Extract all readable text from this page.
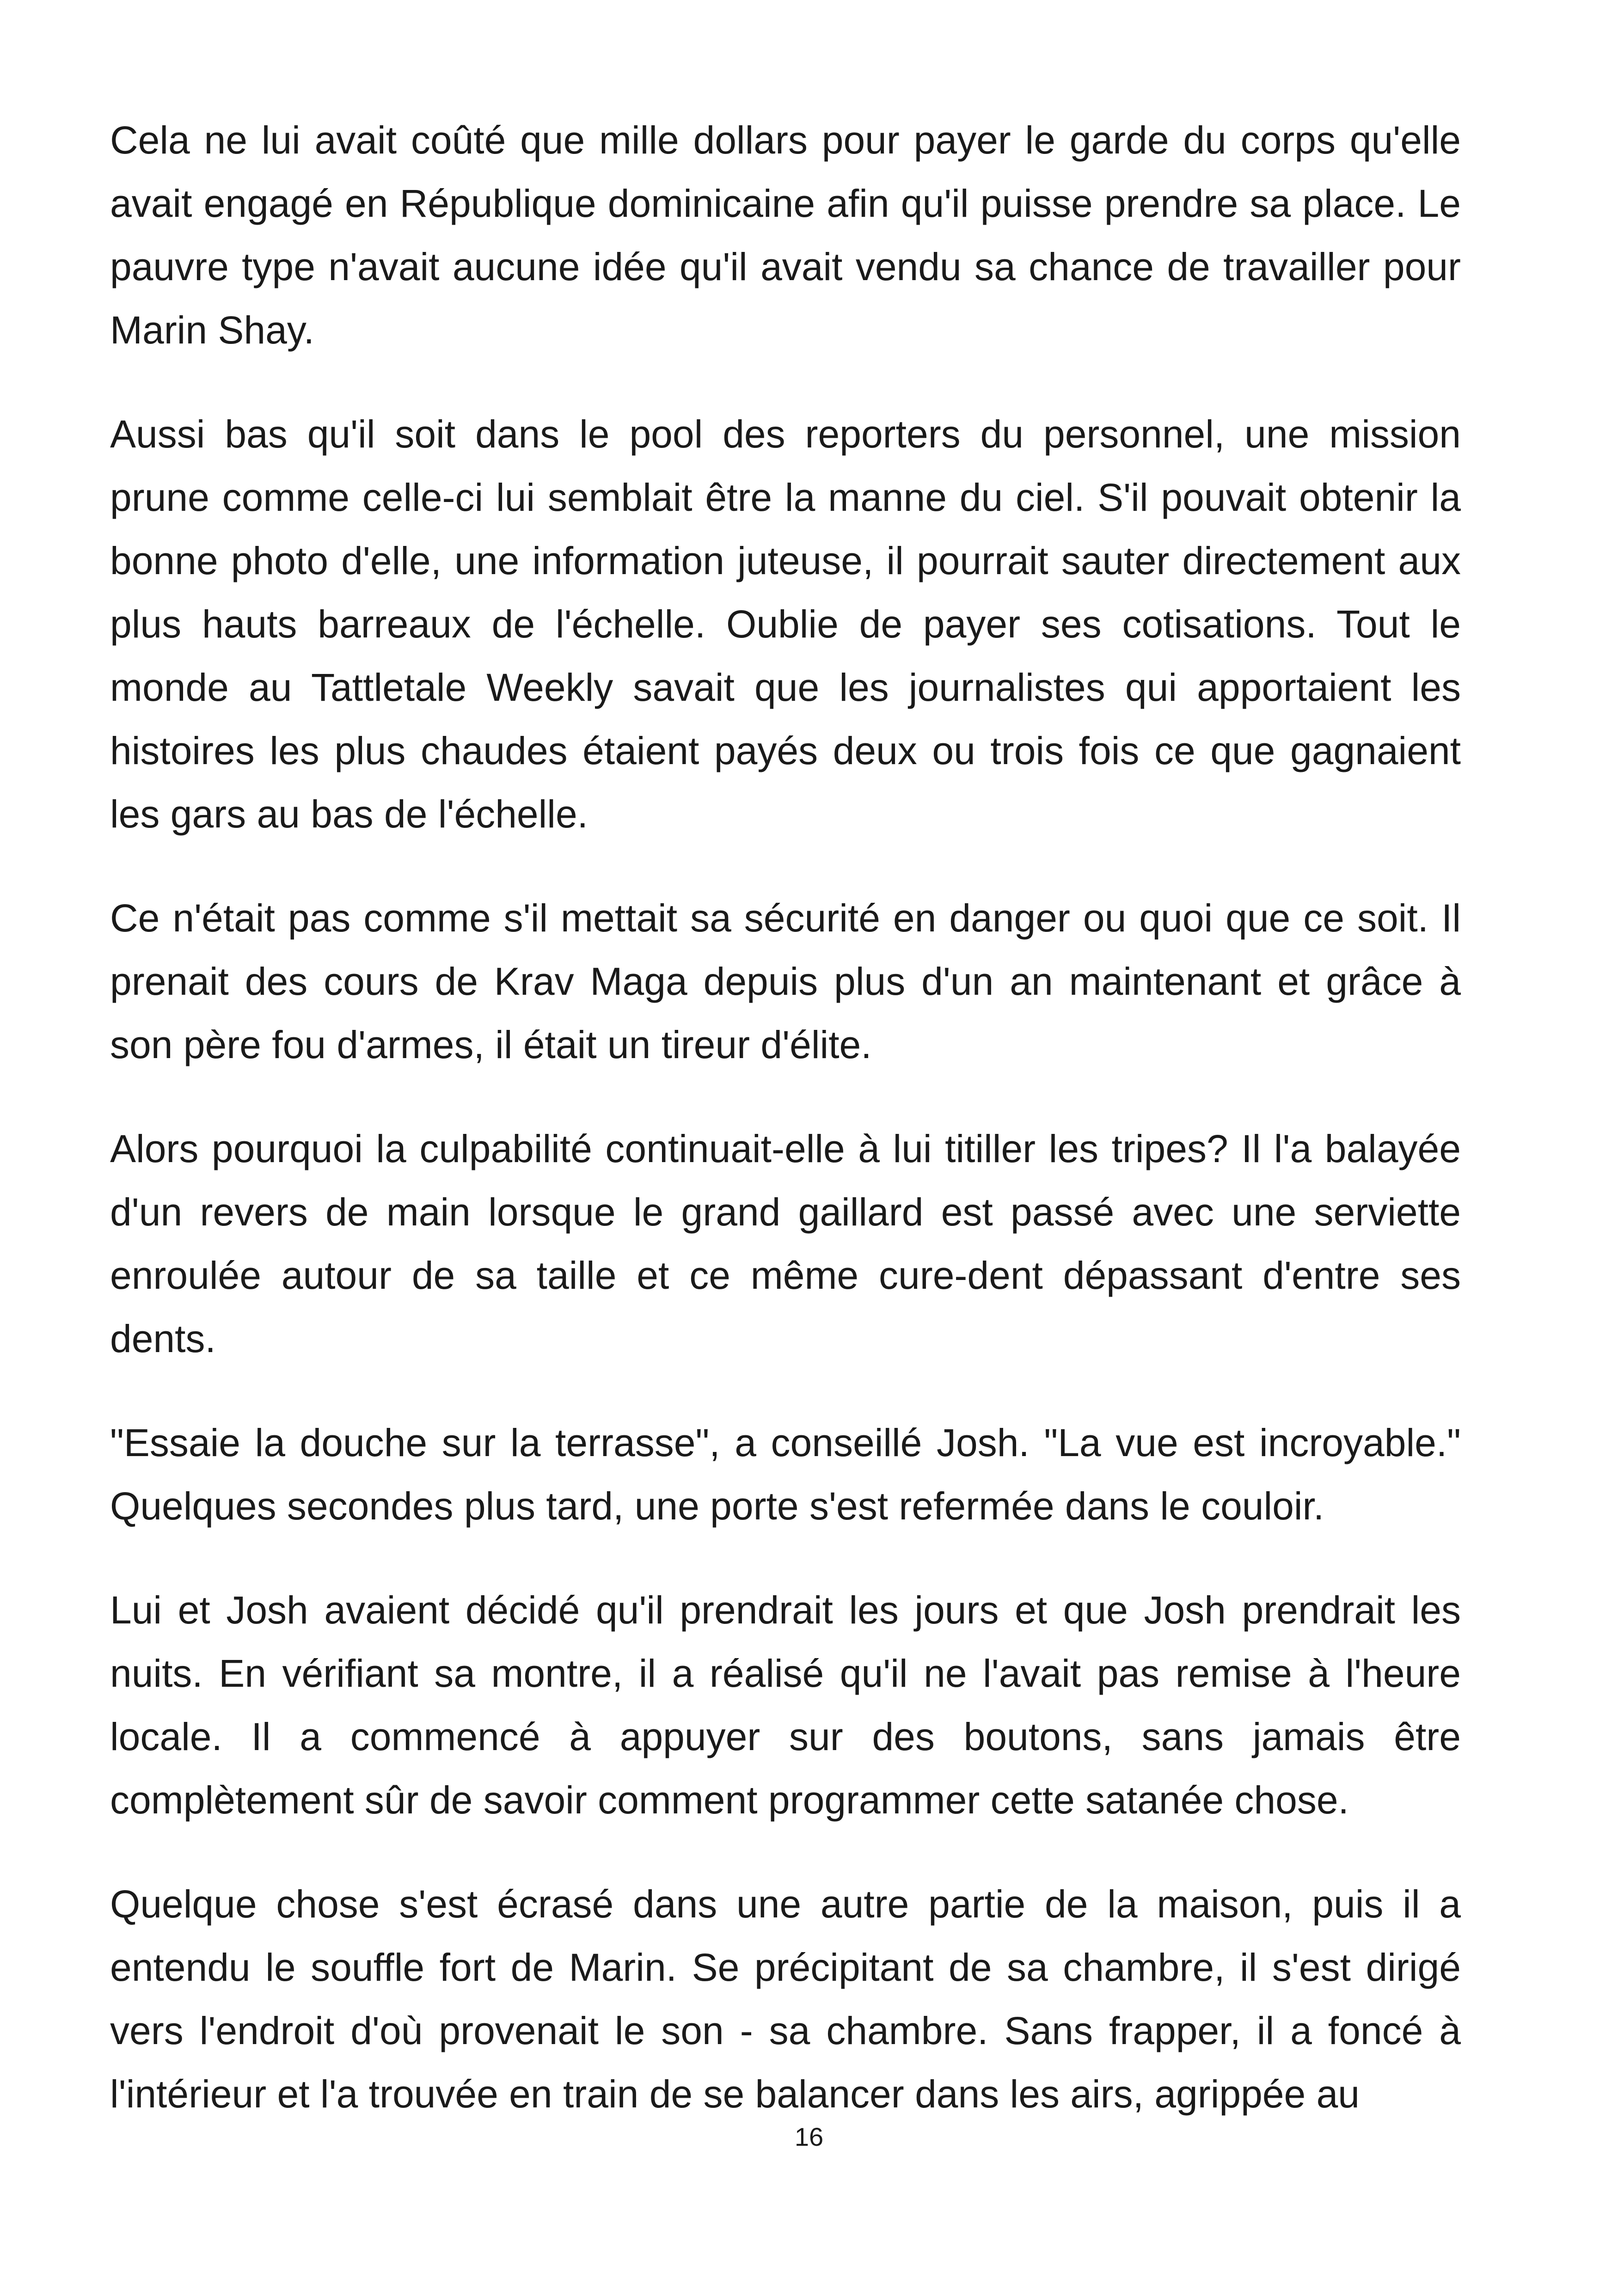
Cela ne lui avait coûté que mille dollars pour payer le garde du corps qu'elle avait engagé en République dominicaine afin qu'il puisse prendre sa place. Le pauvre type n'avait aucune idée qu'il avait vendu sa chance de travailler pour Marin Shay.

Aussi bas qu'il soit dans le pool des reporters du personnel, une mission prune comme celle-ci lui semblait être la manne du ciel. S'il pouvait obtenir la bonne photo d'elle, une information juteuse, il pourrait sauter directement aux plus hauts barreaux de l'échelle. Oublie de payer ses cotisations. Tout le monde au Tattletale Weekly savait que les journalistes qui apportaient les histoires les plus chaudes étaient payés deux ou trois fois ce que gagnaient les gars au bas de l'échelle.

Ce n'était pas comme s'il mettait sa sécurité en danger ou quoi que ce soit. Il prenait des cours de Krav Maga depuis plus d'un an maintenant et grâce à son père fou d'armes, il était un tireur d'élite.

Alors pourquoi la culpabilité continuait-elle à lui titiller les tripes? Il l'a balayée d'un revers de main lorsque le grand gaillard est passé avec une serviette enroulée autour de sa taille et ce même cure-dent dépassant d'entre ses dents.

"Essaie la douche sur la terrasse", a conseillé Josh. "La vue est incroyable." Quelques secondes plus tard, une porte s'est refermée dans le couloir.

Lui et Josh avaient décidé qu'il prendrait les jours et que Josh prendrait les nuits. En vérifiant sa montre, il a réalisé qu'il ne l'avait pas remise à l'heure locale. Il a commencé à appuyer sur des boutons, sans jamais être complètement sûr de savoir comment programmer cette satanée chose.

Quelque chose s'est écrasé dans une autre partie de la maison, puis il a entendu le souffle fort de Marin. Se précipitant de sa chambre, il s'est dirigé vers l'endroit d'où provenait le son - sa chambre. Sans frapper, il a foncé à l'intérieur et l'a trouvée en train de se balancer dans les airs, agrippée au

16
